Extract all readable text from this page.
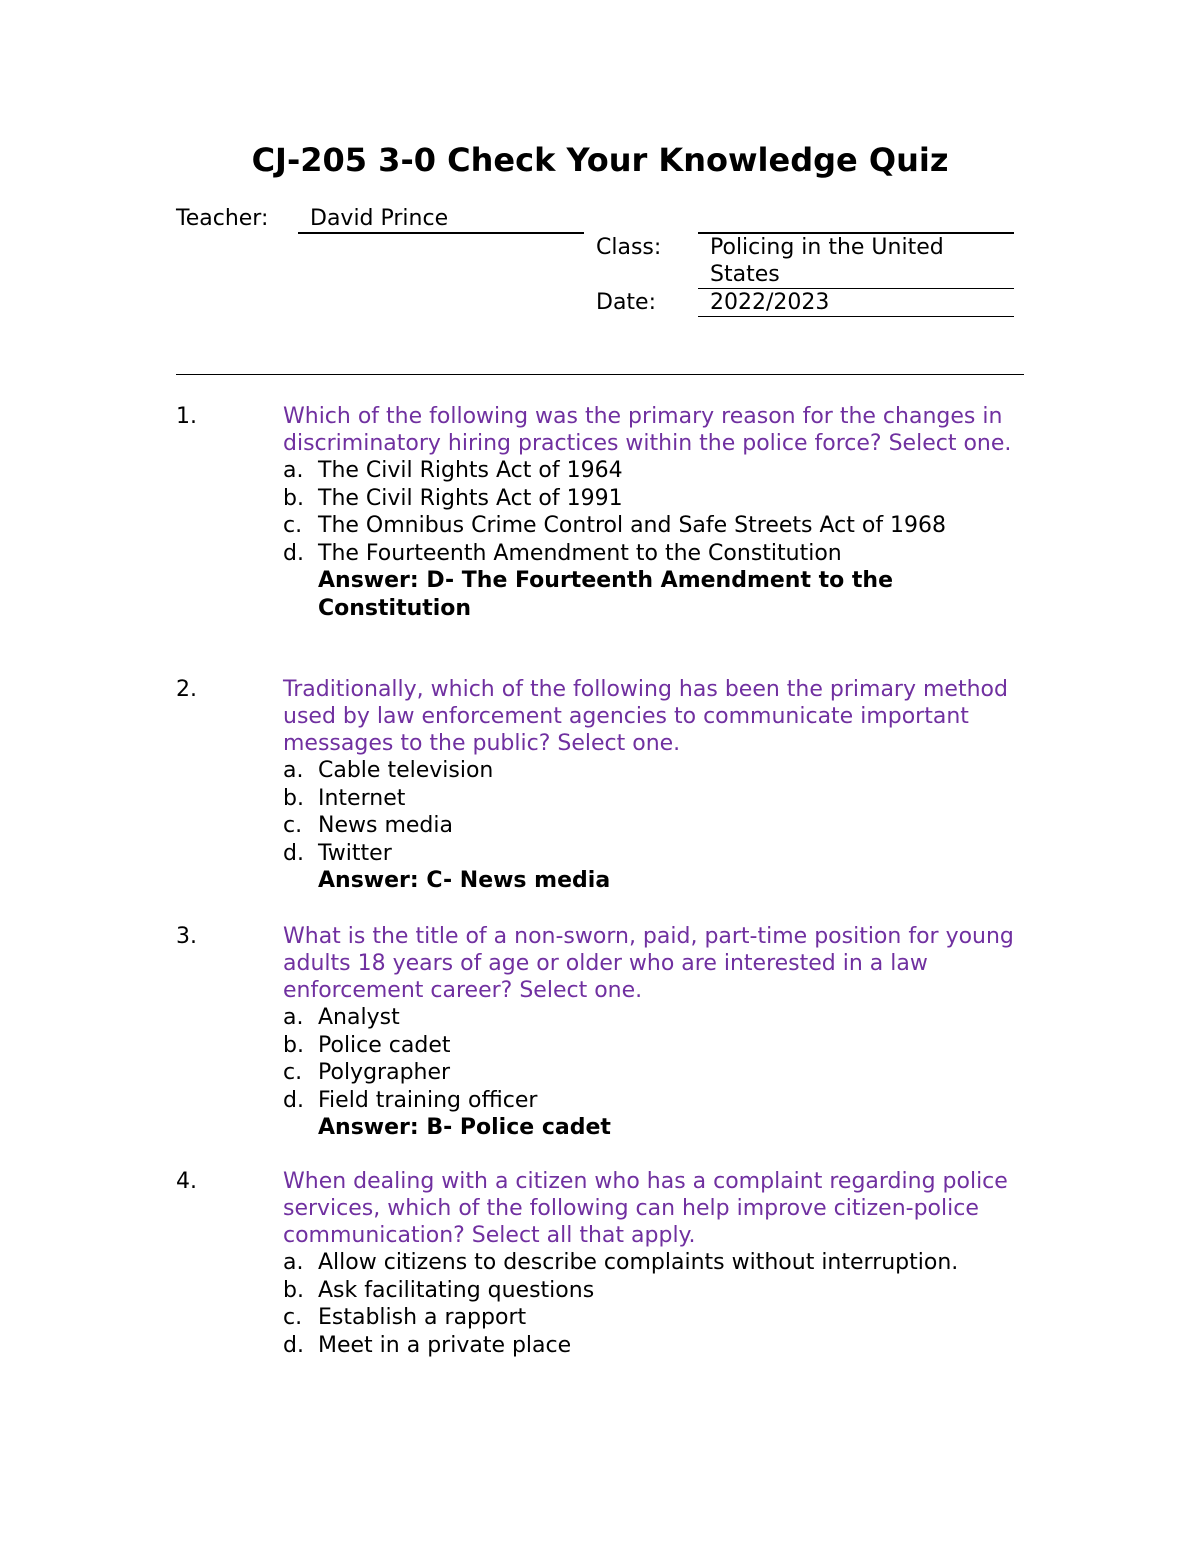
CJ-205 3-0 Check Your Knowledge Quiz
Teacher:	David Prince
Class:	Policing in the United States
Date:	2022/2023
1.	Which of the following was the primary reason for the changes in discriminatory hiring practices within the police force? Select one.
a. The Civil Rights Act of 1964
b. The Civil Rights Act of 1991
c. The Omnibus Crime Control and Safe Streets Act of 1968
d. The Fourteenth Amendment to the Constitution
Answer: D- The Fourteenth Amendment to the Constitution
2.	Traditionally, which of the following has been the primary method used by law enforcement agencies to communicate important messages to the public? Select one.
a. Cable television
b. Internet
c. News media
d. Twitter
Answer: C- News media
3.	What is the title of a non-sworn, paid, part-time position for young adults 18 years of age or older who are interested in a law enforcement career? Select one.
a. Analyst
b. Police cadet
c. Polygrapher
d. Field training officer
Answer: B- Police cadet
4.	When dealing with a citizen who has a complaint regarding police services, which of the following can help improve citizen-police communication? Select all that apply.
a. Allow citizens to describe complaints without interruption.
b. Ask facilitating questions
c. Establish a rapport
d. Meet in a private place
